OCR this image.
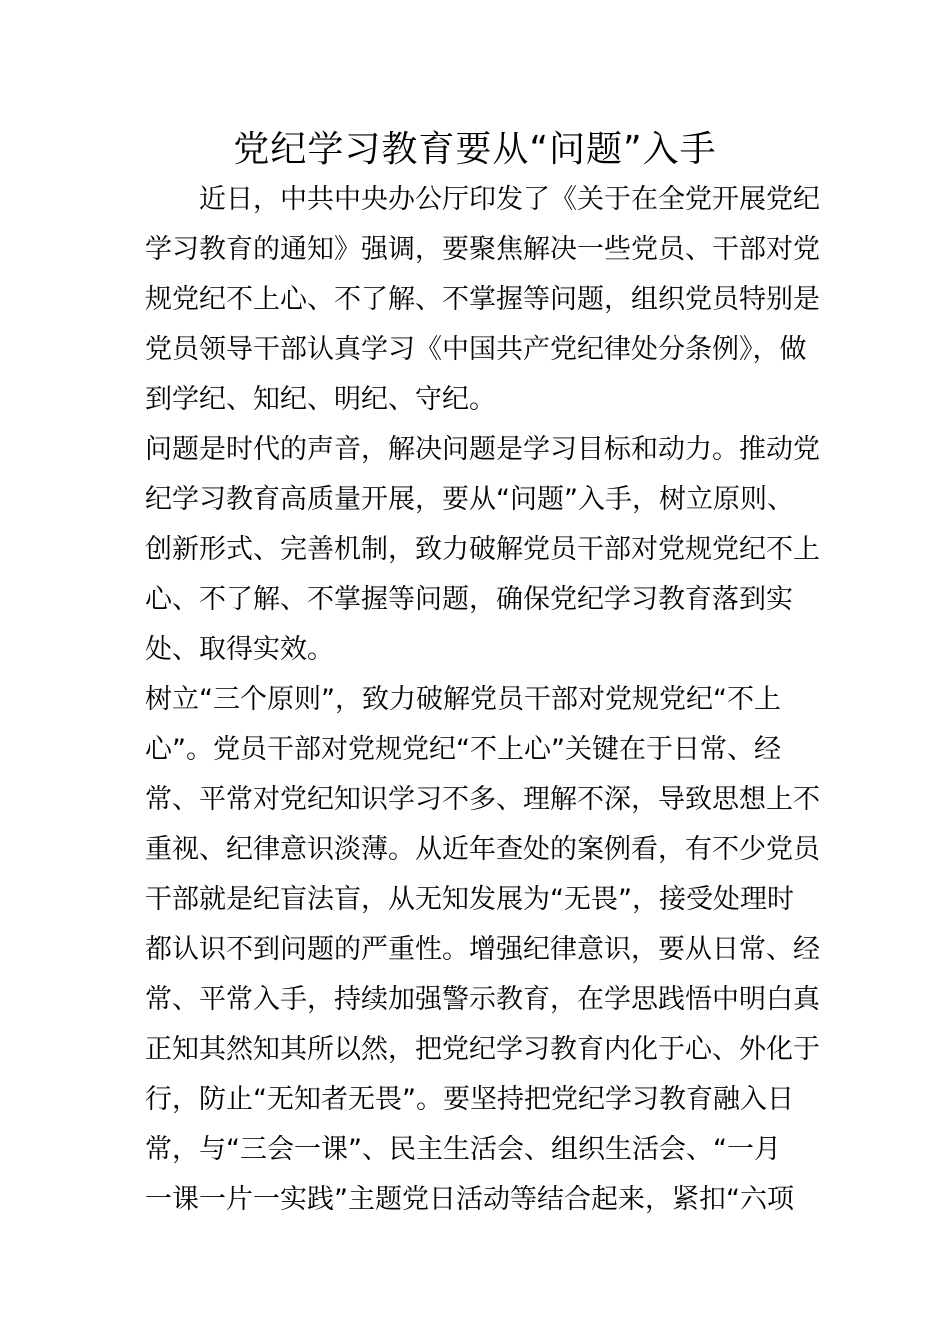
党纪学习教育要从“问题”入手
　　近日，中共中央办公厅印发了《关于在全党开展党纪
学习教育的通知》强调，要聚焦解决一些党员、干部对党
规党纪不上心、不了解、不掌握等问题，组织党员特别是
党员领导干部认真学习《中国共产党纪律处分条例》，做
到学纪、知纪、明纪、守纪。
问题是时代的声音，解决问题是学习目标和动力。推动党
纪学习教育高质量开展，要从“问题”入手，树立原则、
创新形式、完善机制，致力破解党员干部对党规党纪不上
心、不了解、不掌握等问题，确保党纪学习教育落到实
处、取得实效。
树立“三个原则”，致力破解党员干部对党规党纪“不上
心”。党员干部对党规党纪“不上心”关键在于日常、经
常、平常对党纪知识学习不多、理解不深，导致思想上不
重视、纪律意识淡薄。从近年查处的案例看，有不少党员
干部就是纪盲法盲，从无知发展为“无畏”，接受处理时
都认识不到问题的严重性。增强纪律意识，要从日常、经
常、平常入手，持续加强警示教育，在学思践悟中明白真
正知其然知其所以然，把党纪学习教育内化于心、外化于
行，防止“无知者无畏”。要坚持把党纪学习教育融入日
常，与“三会一课”、民主生活会、组织生活会、“一月
一课一片一实践”主题党日活动等结合起来，紧扣“六项
